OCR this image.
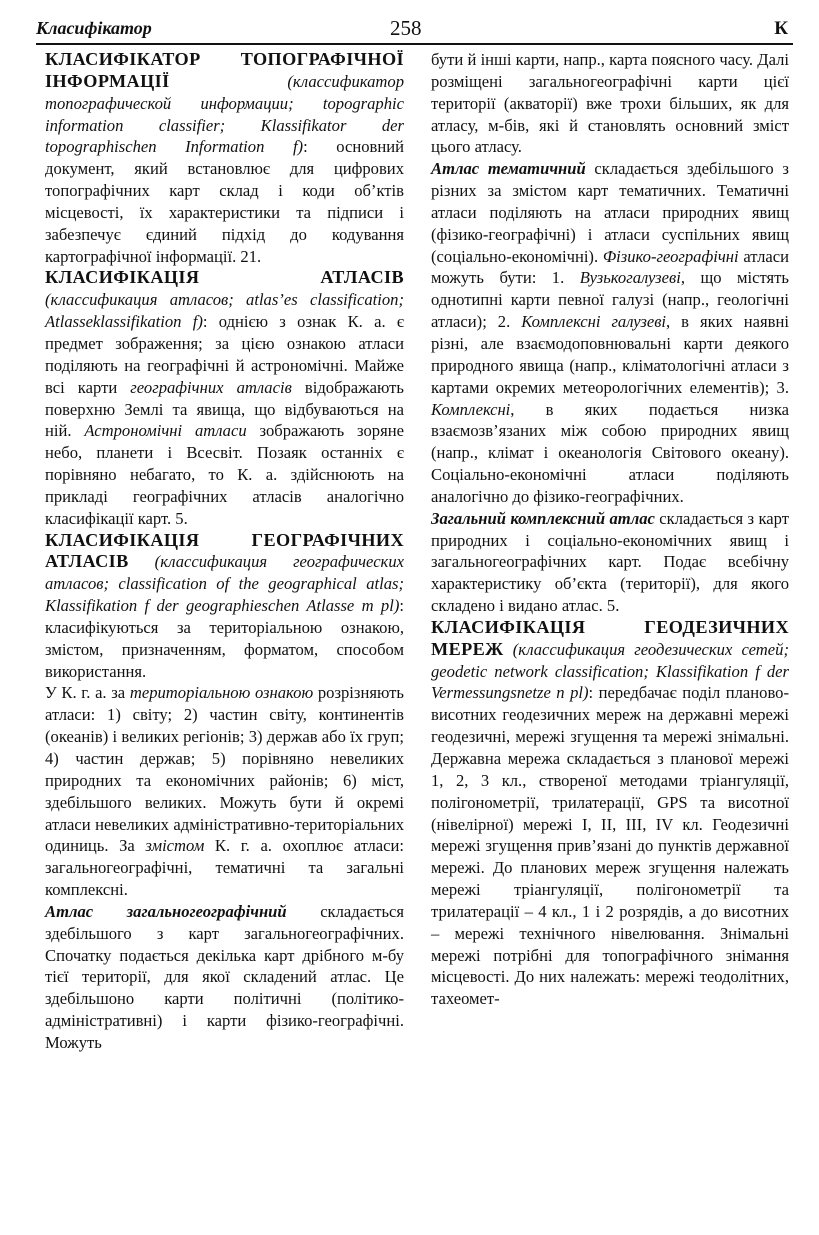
Класифікатор	258	К

КЛАСИФІКАТОР ТОПОГРАФІЧНОЇ ІНФОРМАЦІЇ	(классификатор топографической информации; topographic information classifier; Klassifikator der topographischen Information f): основний документ, який встановлює для цифрових топографічних карт склад і коди об’ктів місцевості, їх характеристики та підписи і забезпечує єдиний підхід до кодування картографічної інформації. 21.

КЛАСИФІКАЦІЯ АТЛАСІВ (классификация атласов; atlas’es classification; Atlasseklassifikation f): однією з ознак К. а. є предмет зображення; за цією ознакою атласи поділяють на географічні й астрономічні. Майже всі карти географічних атласів відображають поверхню Землі та явища, що відбуваються на ній. Астрономічні атласи зображають зоряне небо, планети і Всесвіт. Позаяк останніх є порівняно небагато, то К. а. здійснюють на прикладі географічних атласів аналогічно класифікації карт. 5.

КЛАСИФІКАЦІЯ ГЕОГРАФІЧНИХ АТЛАСІВ (классификация географических атласов; classification of the geographical atlas; Klassifikation f der geographieschen Atlasse m pl): класифікуються за територіальною ознакою, змістом, призначенням, форматом, способом використання.

У К. г. а. за територіальною ознакою розрізняють атласи: 1) світу; 2) частин світу, континентів (океанів) і великих регіонів; 3) держав або їх груп; 4) частин держав; 5) порівняно невеликих природних та економічних районів; 6) міст, здебільшого великих. Можуть бути й окремі атласи невеликих адміністративно-територіальних одиниць. За змістом К. г. а. охоплює атласи: загальногеографічні, тематичні та загальні комплексні.

Атлас загальногеографічний складається здебільшого з карт загальногеографічних. Спочатку подається декілька карт дрібного м-бу тієї території, для якої складений атлас. Це здебільшоно карти політичні (політико-адміністративні) і карти фізико-географічні. Можуть

бути й інші карти, напр., карта поясного часу. Далі розміщені загальногеографічні карти цієї території (акваторії) вже трохи більших, як для атласу, м-бів, які й становлять основний зміст цього атласу.

Атлас тематичний складається здебільшого з різних за змістом карт тематичних. Тематичні атласи поділяють на атласи природних явищ (фізико-географічні) і атласи суспільних явищ (соціально-економічні). Фізико-географічні атласи можуть бути: 1. Вузькогалузеві, що містять однотипні карти певної галузі (напр., геологічні атласи); 2. Комплексні галузеві, в яких наявні різні, але взаємодоповнювальні карти деякого природного явища (напр., кліматологічні атласи з картами окремих метеорологічних елементів); 3. Комплексні, в яких подається низка взаємозв’язаних між собою природних явищ (напр., клімат і океанологія Світового океану). Соціально-економічні атласи поділяють аналогічно до фізико-географічних.

Загальний комплексний атлас складається з карт природних і соціально-економічних явищ і загальногеографічних карт. Подає всебічну характеристику об’єкта (території), для якого складено і видано атлас. 5.

КЛАСИФІКАЦІЯ ГЕОДЕЗИЧНИХ МЕРЕЖ (классификация геодезических сетей; geodetic network classification; Klassifikation f der Vermessungsnetze n pl): передбачає поділ планово-висотних геодезичних мереж на державні мережі геодезичні, мережі згущення та мережі знімальні. Державна мережа складається з планової мережі 1, 2, 3 кл., створеної методами тріангуляції, полігонометрії, трилатерації, GPS та висотної (нівелірної) мережі I, II, III, IV кл. Геодезичні мережі згущення прив’язані до пунктів державної мережі. До планових мереж згущення належать мережі тріангуляції, полігонометрії та трилатерації – 4 кл., 1 і 2 розрядів, а до висотних – мережі технічного нівелювання. Знімальні мережі потрібні для топографічного знімання місцевості. До них належать: мережі теодолітних, тахеомет-
